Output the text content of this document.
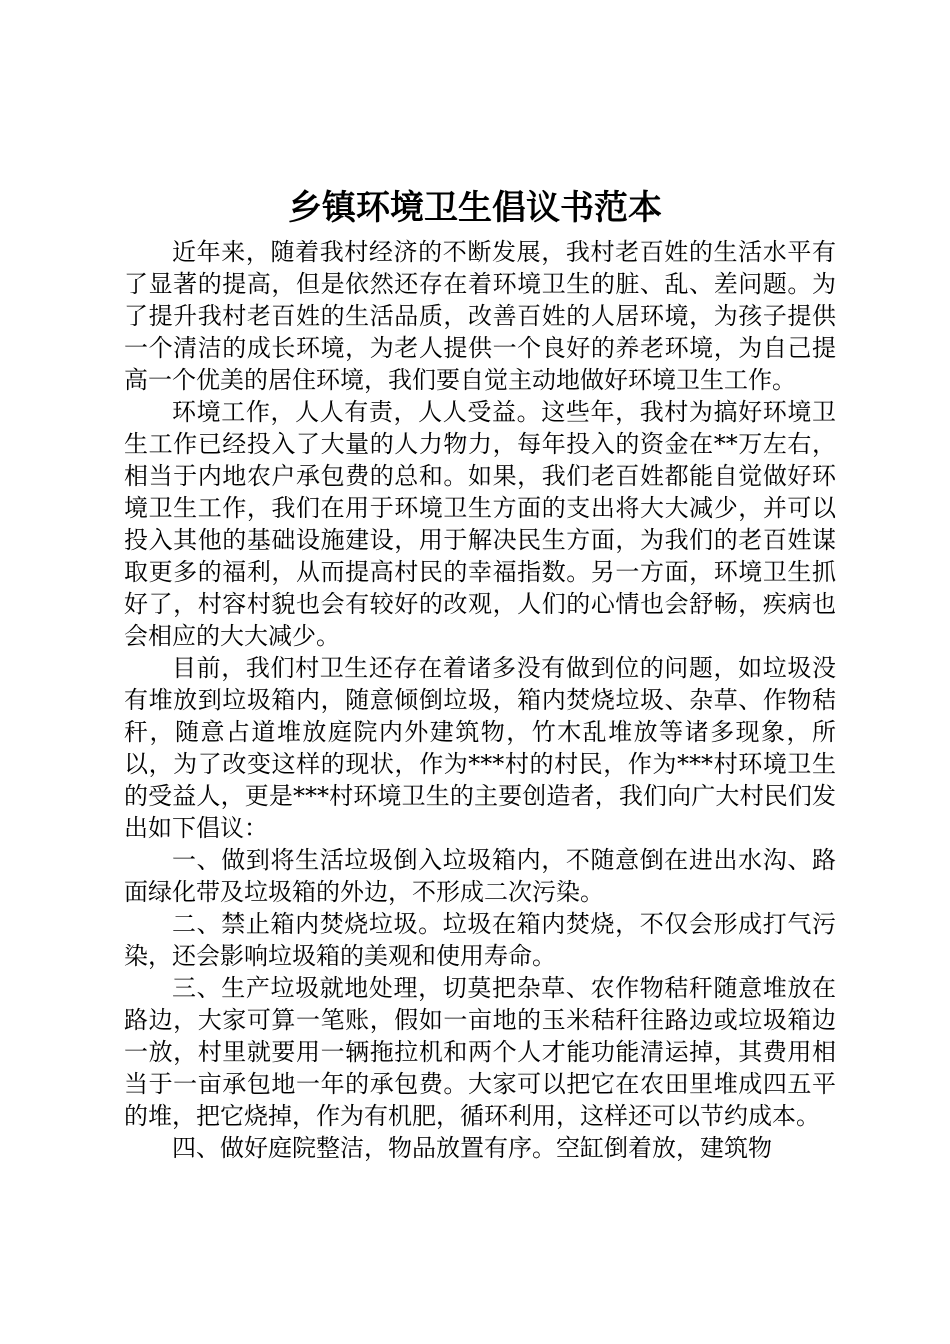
乡镇环境卫生倡议书范本

近年来，随着我村经济的不断发展，我村老百姓的生活水平有了显著的提高，但是依然还存在着环境卫生的脏、乱、差问题。为了提升我村老百姓的生活品质，改善百姓的人居环境，为孩子提供一个清洁的成长环境，为老人提供一个良好的养老环境，为自己提高一个优美的居住环境，我们要自觉主动地做好环境卫生工作。

环境工作，人人有责，人人受益。这些年，我村为搞好环境卫生工作已经投入了大量的人力物力，每年投入的资金在**万左右，相当于内地农户承包费的总和。如果，我们老百姓都能自觉做好环境卫生工作，我们在用于环境卫生方面的支出将大大减少，并可以投入其他的基础设施建设，用于解决民生方面，为我们的老百姓谋取更多的福利，从而提高村民的幸福指数。另一方面，环境卫生抓好了，村容村貌也会有较好的改观，人们的心情也会舒畅，疾病也会相应的大大减少。

目前，我们村卫生还存在着诸多没有做到位的问题，如垃圾没有堆放到垃圾箱内，随意倾倒垃圾，箱内焚烧垃圾、杂草、作物秸秆，随意占道堆放庭院内外建筑物，竹木乱堆放等诸多现象，所以，为了改变这样的现状，作为***村的村民，作为***村环境卫生的受益人，更是***村环境卫生的主要创造者，我们向广大村民们发出如下倡议：

一、做到将生活垃圾倒入垃圾箱内，不随意倒在进出水沟、路面绿化带及垃圾箱的外边，不形成二次污染。

二、禁止箱内焚烧垃圾。垃圾在箱内焚烧，不仅会形成打气污染，还会影响垃圾箱的美观和使用寿命。

三、生产垃圾就地处理，切莫把杂草、农作物秸秆随意堆放在路边，大家可算一笔账，假如一亩地的玉米秸秆往路边或垃圾箱边一放，村里就要用一辆拖拉机和两个人才能功能清运掉，其费用相当于一亩承包地一年的承包费。大家可以把它在农田里堆成四五平的堆，把它烧掉，作为有机肥，循环利用，这样还可以节约成本。

四、做好庭院整洁，物品放置有序。空缸倒着放，建筑物
